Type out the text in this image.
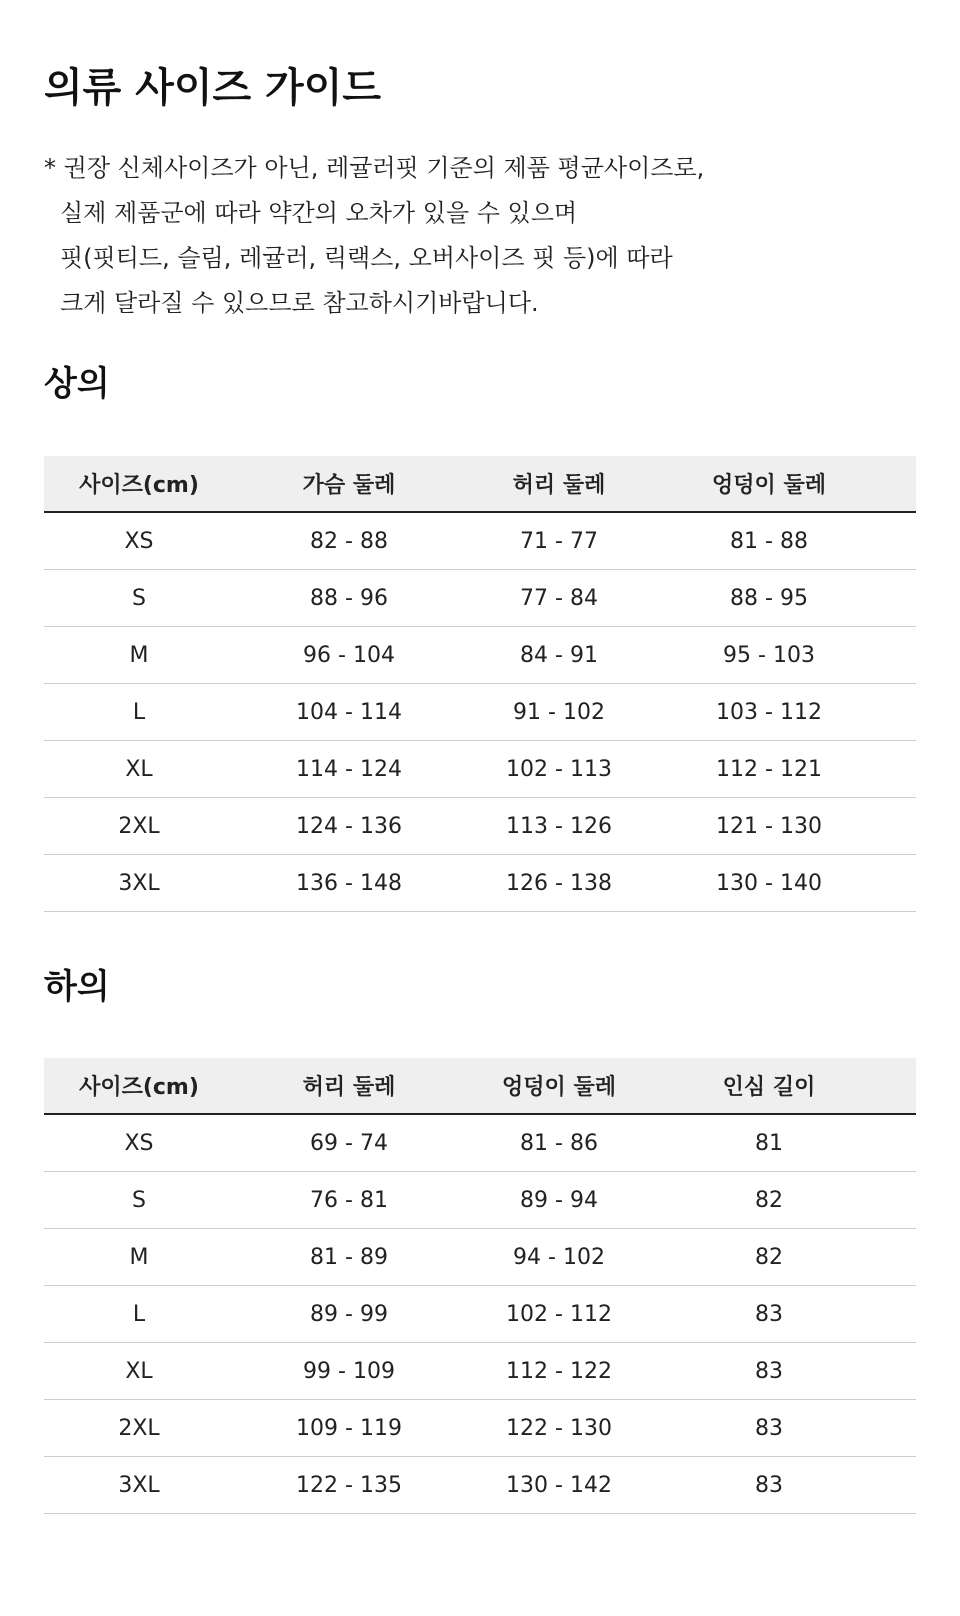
의류 사이즈 가이드
* 권장 신체사이즈가 아닌, 레귤러핏 기준의 제품 평균사이즈로,
실제 제품군에 따라 약간의 오차가 있을 수 있으며
핏(핏티드, 슬림, 레귤러, 릭랙스, 오버사이즈 핏 등)에 따라
크게 달라질 수 있으므로 참고하시기바랍니다.
상의
사이즈(cm)	가슴 둘레	허리 둘레	엉덩이 둘레	
XS	82 - 88	71 - 77	81 - 88	
S	88 - 96	77 - 84	88 - 95	
M	96 - 104	84 - 91	95 - 103	
L	104 - 114	91 - 102	103 - 112	
XL	114 - 124	102 - 113	112 - 121	
2XL	124 - 136	113 - 126	121 - 130	
3XL	136 - 148	126 - 138	130 - 140	
하의
사이즈(cm)	허리 둘레	엉덩이 둘레	인심 길이	
XS	69 - 74	81 - 86	81	
S	76 - 81	89 - 94	82	
M	81 - 89	94 - 102	82	
L	89 - 99	102 - 112	83	
XL	99 - 109	112 - 122	83	
2XL	109 - 119	122 - 130	83	
3XL	122 - 135	130 - 142	83	
